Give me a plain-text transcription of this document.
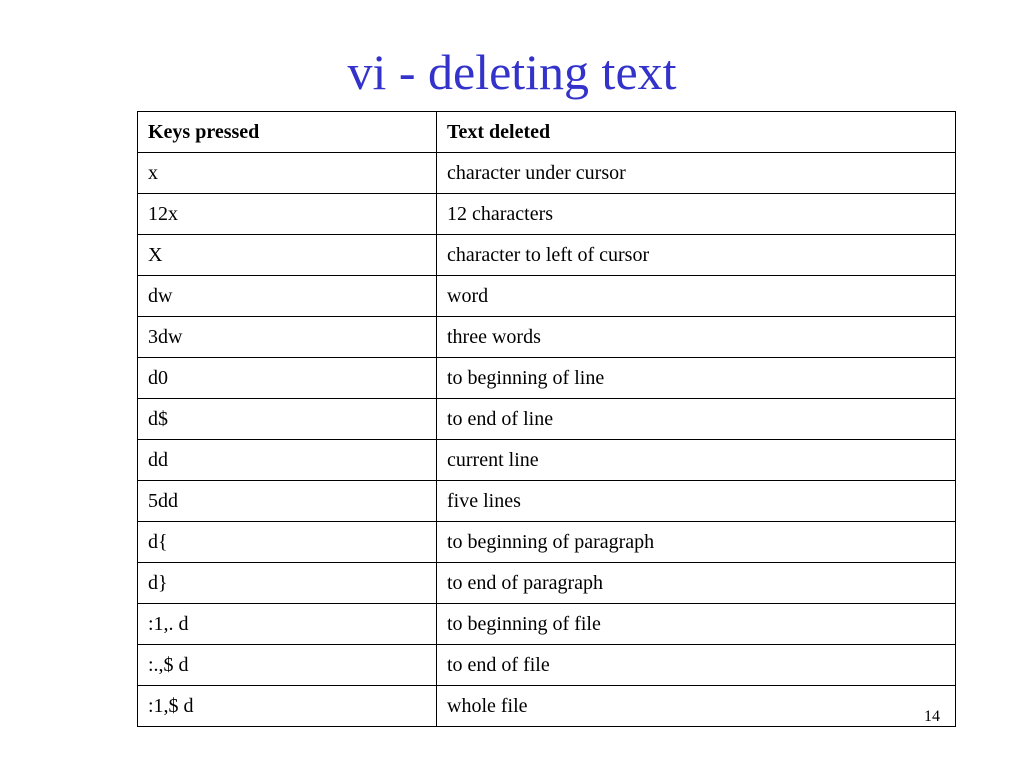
vi - deleting text
Keys pressed	Text deleted
x	character under cursor
12x	12 characters
X	character to left of cursor
dw	word
3dw	three words
d0	to beginning of line
d$	to end of line
dd	current line
5dd	five lines
d{	to beginning of paragraph
d}	to end of paragraph
:1,. d	to beginning of file
:.,$ d	to end of file
:1,$ d	whole file	14
